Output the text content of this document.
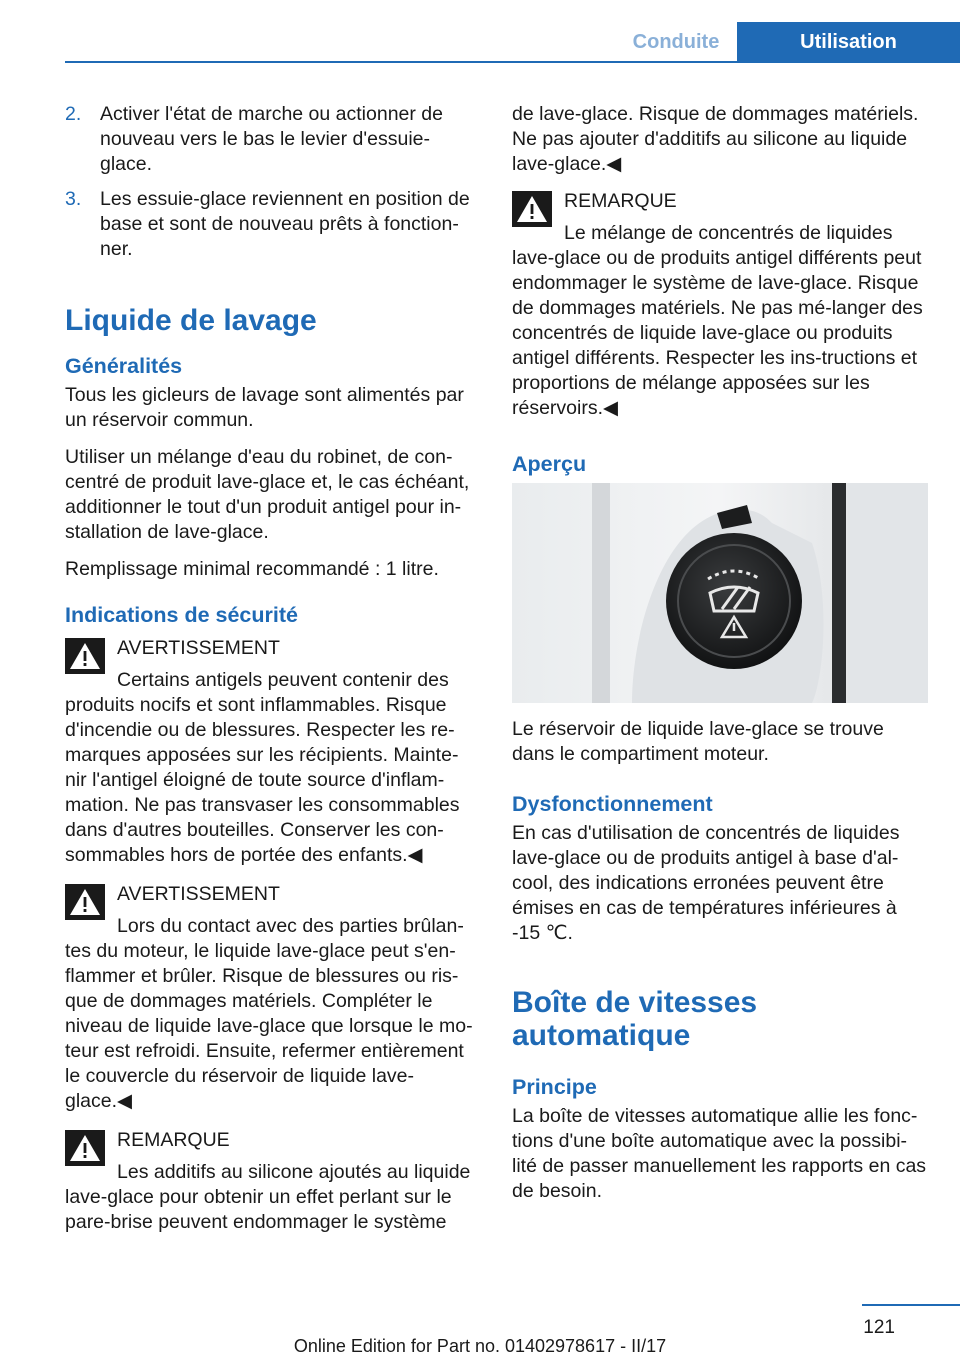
Conduite	Utilisation
2. Activer l'état de marche ou actionner de nouveau vers le bas le levier d'essuie-glace.
3. Les essuie-glace reviennent en position de base et sont de nouveau prêts à fonction-ner.
Liquide de lavage
Généralités

Tous les gicleurs de lavage sont alimentés par un réservoir commun.

Utiliser un mélange d'eau du robinet, de con-centré de produit lave-glace et, le cas échéant, additionner le tout d'un produit antigel pour in-stallation de lave-glace.

Remplissage minimal recommandé : 1 litre.

Indications de sécurité
AVERTISSEMENT
Certains antigels peuvent contenir des produits nocifs et sont inflammables. Risque d'incendie ou de blessures. Respecter les re-marques apposées sur les récipients. Mainte-nir l'antigel éloigné de toute source d'inflam-mation. Ne pas transvaser les consommables dans d'autres bouteilles. Conserver les con-sommables hors de portée des enfants.◀
AVERTISSEMENT
Lors du contact avec des parties brûlan-tes du moteur, le liquide lave-glace peut s'en-flammer et brûler. Risque de blessures ou ris-que de dommages matériels. Compléter le niveau de liquide lave-glace que lorsque le mo-teur est refroidi. Ensuite, refermer entièrement le couvercle du réservoir de liquide lave-glace.◀
REMARQUE
Les additifs au silicone ajoutés au liquide lave-glace pour obtenir un effet perlant sur le pare-brise peuvent endommager le système

de lave-glace. Risque de dommages matériels. Ne pas ajouter d'additifs au silicone au liquide lave-glace.◀

REMARQUE
Le mélange de concentrés de liquides lave-glace ou de produits antigel différents peut endommager le système de lave-glace. Risque de dommages matériels. Ne pas mé-langer des concentrés de liquide lave-glace ou produits antigel différents. Respecter les ins-tructions et proportions de mélange apposées sur les réservoirs.◀
Aperçu

Le réservoir de liquide lave-glace se trouve dans le compartiment moteur.

Dysfonctionnement

En cas d'utilisation de concentrés de liquides lave-glace ou de produits antigel à base d'al-cool, des indications erronées peuvent être émises en cas de températures inférieures à -15 ℃.

Boîte de vitesses automatique
Principe

La boîte de vitesses automatique allie les fonc-tions d'une boîte automatique avec la possibi-lité de passer manuellement les rapports en cas de besoin.

121
Online Edition for Part no. 01402978617 - II/17
